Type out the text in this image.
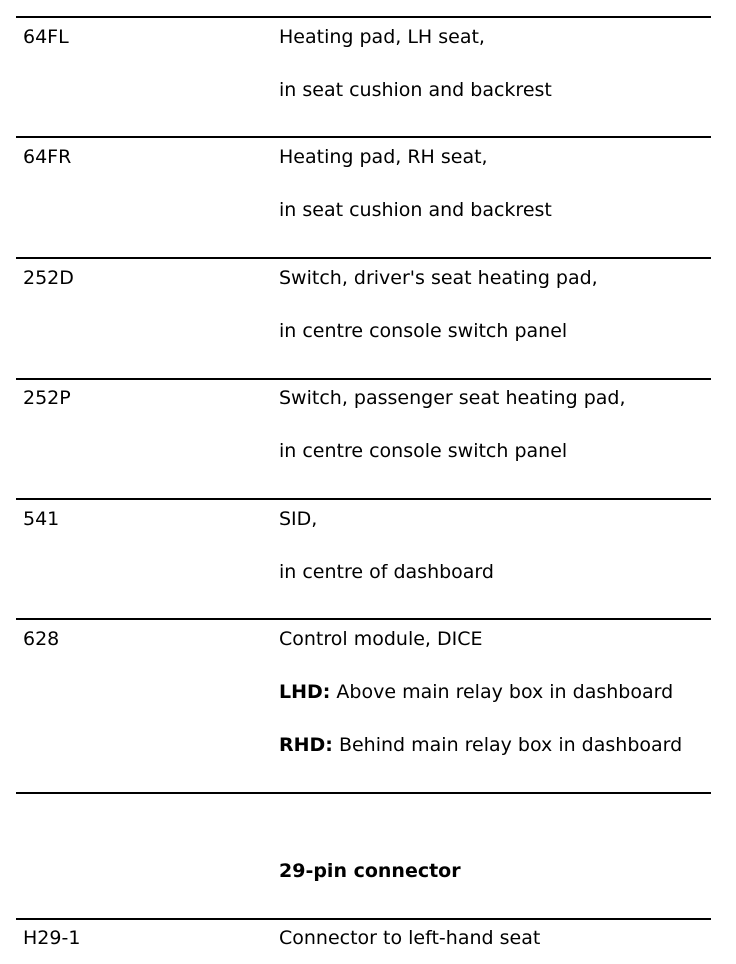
64FL	Heating pad, LH seat,
in seat cushion and backrest
64FR	Heating pad, RH seat,
in seat cushion and backrest
252D	Switch, driver's seat heating pad,
in centre console switch panel
252P	Switch, passenger seat heating pad,
in centre console switch panel
541	SID,
in centre of dashboard
628	Control module, DICE
LHD: Above main relay box in dashboard
RHD: Behind main relay box in dashboard
29-pin connector
H29-1	Connector to left-hand seat
